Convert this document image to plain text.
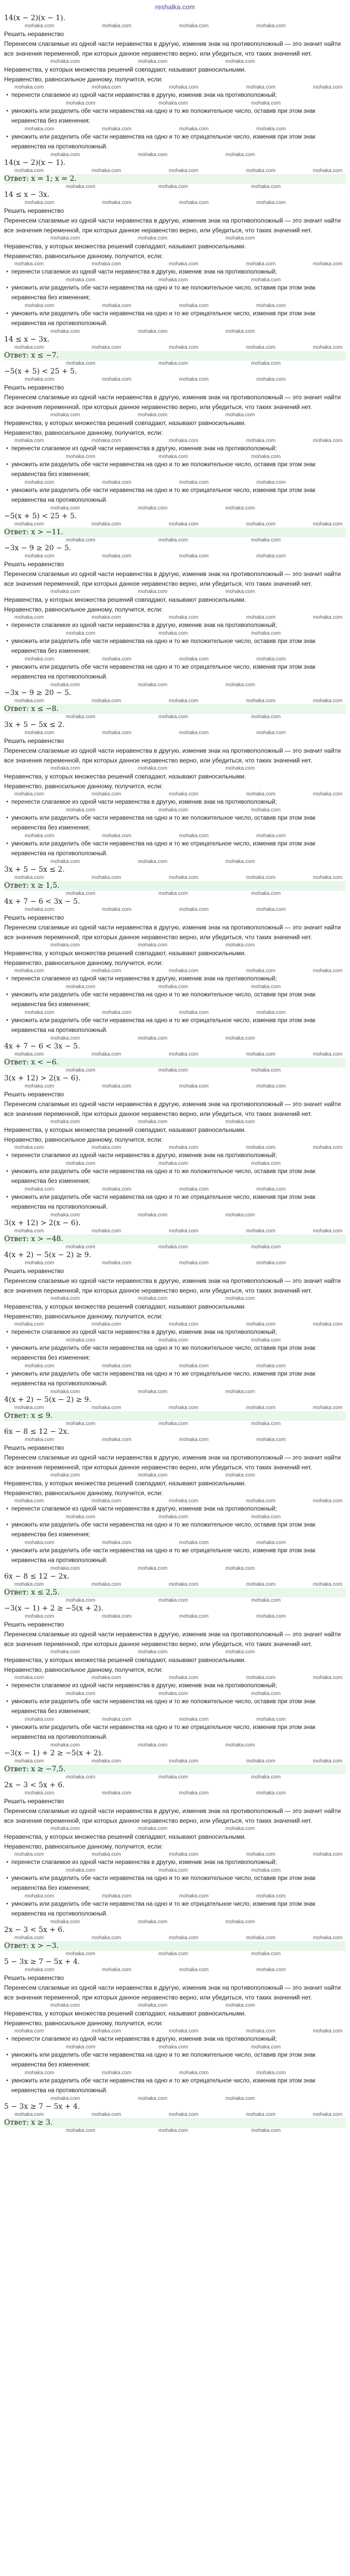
reshalka.com
14(x − 2)(x − 1).
mohaka.com	mohaka.com	mohaka.com	mohaka.com
Решить неравенство
Перенесем слагаемые из одной части неравенства в другую, изменив знак на противоположный — это значит найти все значения переменной, при которых данное неравенство верно, или убедиться, что таких значений нет.
mohaka.com	mohaka.com	mohaka.com
Неравенства, у которых множества решений совпадают, называют равносильными.
Неравенство, равносильное данному, получится, если:
mohaka.com	mohaka.com	mohaka.com	mohaka.com	mohaka.com
• перенести слагаемое из одной части неравенства в другую, изменив знак на противоположный;
mohaka.com	mohaka.com	mohaka.com
• умножить или разделить обе части неравенства на одно и то же положительное число, оставив при этом знак неравенства без изменения;
mohaka.com	mohaka.com	mohaka.com	mohaka.com
• умножить или разделить обе части неравенства на одно и то же отрицательное число, изменив при этом знак неравенства на противоположный.
mohaka.com	mohaka.com	mohaka.com
14(x − 2)(x − 1).
mohaka.com	mohaka.com	mohaka.com	mohaka.com	mohaka.com
Ответ: x = 1; x = 2.
mohaka.com	mohaka.com	mohaka.com
14 ≤ x − 3x.
mohaka.com	mohaka.com	mohaka.com	mohaka.com
Решить неравенство
Перенесем слагаемые из одной части неравенства в другую, изменив знак на противоположный — это значит найти все значения переменной, при которых данное неравенство верно, или убедиться, что таких значений нет.
mohaka.com	mohaka.com	mohaka.com
Неравенства, у которых множества решений совпадают, называют равносильными.
Неравенство, равносильное данному, получится, если:
mohaka.com	mohaka.com	mohaka.com	mohaka.com	mohaka.com
• перенести слагаемое из одной части неравенства в другую, изменив знак на противоположный;
mohaka.com	mohaka.com	mohaka.com
• умножить или разделить обе части неравенства на одно и то же положительное число, оставив при этом знак неравенства без изменения;
mohaka.com	mohaka.com	mohaka.com	mohaka.com
• умножить или разделить обе части неравенства на одно и то же отрицательное число, изменив при этом знак неравенства на противоположный.
mohaka.com	mohaka.com	mohaka.com
14 ≤ x − 3x.
mohaka.com	mohaka.com	mohaka.com	mohaka.com	mohaka.com
Ответ: x ≤ −7.
mohaka.com	mohaka.com	mohaka.com
−5(x + 5) < 25 + 5.
mohaka.com	mohaka.com	mohaka.com	mohaka.com
Решить неравенство
Перенесем слагаемые из одной части неравенства в другую, изменив знак на противоположный — это значит найти все значения переменной, при которых данное неравенство верно, или убедиться, что таких значений нет.
mohaka.com	mohaka.com	mohaka.com
Неравенства, у которых множества решений совпадают, называют равносильными.
Неравенство, равносильное данному, получится, если:
mohaka.com	mohaka.com	mohaka.com	mohaka.com	mohaka.com
• перенести слагаемое из одной части неравенства в другую, изменив знак на противоположный;
mohaka.com	mohaka.com	mohaka.com
• умножить или разделить обе части неравенства на одно и то же положительное число, оставив при этом знак неравенства без изменения;
mohaka.com	mohaka.com	mohaka.com	mohaka.com
• умножить или разделить обе части неравенства на одно и то же отрицательное число, изменив при этом знак неравенства на противоположный.
mohaka.com	mohaka.com	mohaka.com
−5(x + 5) < 25 + 5.
mohaka.com	mohaka.com	mohaka.com	mohaka.com	mohaka.com
Ответ: x > −11.
mohaka.com	mohaka.com	mohaka.com
−3x − 9 ≥ 20 − 5.
mohaka.com	mohaka.com	mohaka.com	mohaka.com
Решить неравенство
Перенесем слагаемые из одной части неравенства в другую, изменив знак на противоположный — это значит найти все значения переменной, при которых данное неравенство верно, или убедиться, что таких значений нет.
mohaka.com	mohaka.com	mohaka.com
Неравенства, у которых множества решений совпадают, называют равносильными.
Неравенство, равносильное данному, получится, если:
mohaka.com	mohaka.com	mohaka.com	mohaka.com	mohaka.com
• перенести слагаемое из одной части неравенства в другую, изменив знак на противоположный;
mohaka.com	mohaka.com	mohaka.com
• умножить или разделить обе части неравенства на одно и то же положительное число, оставив при этом знак неравенства без изменения;
mohaka.com	mohaka.com	mohaka.com	mohaka.com
• умножить или разделить обе части неравенства на одно и то же отрицательное число, изменив при этом знак неравенства на противоположный.
mohaka.com	mohaka.com	mohaka.com
−3x − 9 ≥ 20 − 5.
mohaka.com	mohaka.com	mohaka.com	mohaka.com	mohaka.com
Ответ: x ≤ −8.
mohaka.com	mohaka.com	mohaka.com
3x + 5 − 5x ≤ 2.
mohaka.com	mohaka.com	mohaka.com	mohaka.com
Решить неравенство
Перенесем слагаемые из одной части неравенства в другую, изменив знак на противоположный — это значит найти все значения переменной, при которых данное неравенство верно, или убедиться, что таких значений нет.
mohaka.com	mohaka.com	mohaka.com
Неравенства, у которых множества решений совпадают, называют равносильными.
Неравенство, равносильное данному, получится, если:
mohaka.com	mohaka.com	mohaka.com	mohaka.com	mohaka.com
• перенести слагаемое из одной части неравенства в другую, изменив знак на противоположный;
mohaka.com	mohaka.com	mohaka.com
• умножить или разделить обе части неравенства на одно и то же положительное число, оставив при этом знак неравенства без изменения;
mohaka.com	mohaka.com	mohaka.com	mohaka.com
• умножить или разделить обе части неравенства на одно и то же отрицательное число, изменив при этом знак неравенства на противоположный.
mohaka.com	mohaka.com	mohaka.com
3x + 5 − 5x ≤ 2.
mohaka.com	mohaka.com	mohaka.com	mohaka.com	mohaka.com
Ответ: x ≥ 1,5.
mohaka.com	mohaka.com	mohaka.com
4x + 7 − 6 < 3x − 5.
mohaka.com	mohaka.com	mohaka.com	mohaka.com
Решить неравенство
Перенесем слагаемые из одной части неравенства в другую, изменив знак на противоположный — это значит найти все значения переменной, при которых данное неравенство верно, или убедиться, что таких значений нет.
mohaka.com	mohaka.com	mohaka.com
Неравенства, у которых множества решений совпадают, называют равносильными.
Неравенство, равносильное данному, получится, если:
mohaka.com	mohaka.com	mohaka.com	mohaka.com	mohaka.com
• перенести слагаемое из одной части неравенства в другую, изменив знак на противоположный;
mohaka.com	mohaka.com	mohaka.com
• умножить или разделить обе части неравенства на одно и то же положительное число, оставив при этом знак неравенства без изменения;
mohaka.com	mohaka.com	mohaka.com	mohaka.com
• умножить или разделить обе части неравенства на одно и то же отрицательное число, изменив при этом знак неравенства на противоположный.
mohaka.com	mohaka.com	mohaka.com
4x + 7 − 6 < 3x − 5.
mohaka.com	mohaka.com	mohaka.com	mohaka.com	mohaka.com
Ответ: x < −6.
mohaka.com	mohaka.com	mohaka.com
3(x + 12) > 2(x − 6).
mohaka.com	mohaka.com	mohaka.com	mohaka.com
Решить неравенство
Перенесем слагаемые из одной части неравенства в другую, изменив знак на противоположный — это значит найти все значения переменной, при которых данное неравенство верно, или убедиться, что таких значений нет.
mohaka.com	mohaka.com	mohaka.com
Неравенства, у которых множества решений совпадают, называют равносильными.
Неравенство, равносильное данному, получится, если:
mohaka.com	mohaka.com	mohaka.com	mohaka.com	mohaka.com
• перенести слагаемое из одной части неравенства в другую, изменив знак на противоположный;
mohaka.com	mohaka.com	mohaka.com
• умножить или разделить обе части неравенства на одно и то же положительное число, оставив при этом знак неравенства без изменения;
mohaka.com	mohaka.com	mohaka.com	mohaka.com
• умножить или разделить обе части неравенства на одно и то же отрицательное число, изменив при этом знак неравенства на противоположный.
mohaka.com	mohaka.com	mohaka.com
3(x + 12) > 2(x − 6).
mohaka.com	mohaka.com	mohaka.com	mohaka.com	mohaka.com
Ответ: x > −48.
mohaka.com	mohaka.com	mohaka.com
4(x + 2) − 5(x − 2) ≥ 9.
mohaka.com	mohaka.com	mohaka.com	mohaka.com
Решить неравенство
Перенесем слагаемые из одной части неравенства в другую, изменив знак на противоположный — это значит найти все значения переменной, при которых данное неравенство верно, или убедиться, что таких значений нет.
mohaka.com	mohaka.com	mohaka.com
Неравенства, у которых множества решений совпадают, называют равносильными.
Неравенство, равносильное данному, получится, если:
mohaka.com	mohaka.com	mohaka.com	mohaka.com	mohaka.com
• перенести слагаемое из одной части неравенства в другую, изменив знак на противоположный;
mohaka.com	mohaka.com	mohaka.com
• умножить или разделить обе части неравенства на одно и то же положительное число, оставив при этом знак неравенства без изменения;
mohaka.com	mohaka.com	mohaka.com	mohaka.com
• умножить или разделить обе части неравенства на одно и то же отрицательное число, изменив при этом знак неравенства на противоположный.
mohaka.com	mohaka.com	mohaka.com
4(x + 2) − 5(x − 2) ≥ 9.
mohaka.com	mohaka.com	mohaka.com	mohaka.com	mohaka.com
Ответ: x ≤ 9.
mohaka.com	mohaka.com	mohaka.com
6x − 8 ≤ 12 − 2x.
mohaka.com	mohaka.com	mohaka.com	mohaka.com
Решить неравенство
Перенесем слагаемые из одной части неравенства в другую, изменив знак на противоположный — это значит найти все значения переменной, при которых данное неравенство верно, или убедиться, что таких значений нет.
mohaka.com	mohaka.com	mohaka.com
Неравенства, у которых множества решений совпадают, называют равносильными.
Неравенство, равносильное данному, получится, если:
mohaka.com	mohaka.com	mohaka.com	mohaka.com	mohaka.com
• перенести слагаемое из одной части неравенства в другую, изменив знак на противоположный;
mohaka.com	mohaka.com	mohaka.com
• умножить или разделить обе части неравенства на одно и то же положительное число, оставив при этом знак неравенства без изменения;
mohaka.com	mohaka.com	mohaka.com	mohaka.com
• умножить или разделить обе части неравенства на одно и то же отрицательное число, изменив при этом знак неравенства на противоположный.
mohaka.com	mohaka.com	mohaka.com
6x − 8 ≤ 12 − 2x.
mohaka.com	mohaka.com	mohaka.com	mohaka.com	mohaka.com
Ответ: x ≤ 2,5.
mohaka.com	mohaka.com	mohaka.com
−3(x − 1) + 2 ≥ −5(x + 2).
mohaka.com	mohaka.com	mohaka.com	mohaka.com
Решить неравенство
Перенесем слагаемые из одной части неравенства в другую, изменив знак на противоположный — это значит найти все значения переменной, при которых данное неравенство верно, или убедиться, что таких значений нет.
mohaka.com	mohaka.com	mohaka.com
Неравенства, у которых множества решений совпадают, называют равносильными.
Неравенство, равносильное данному, получится, если:
mohaka.com	mohaka.com	mohaka.com	mohaka.com	mohaka.com
• перенести слагаемое из одной части неравенства в другую, изменив знак на противоположный;
mohaka.com	mohaka.com	mohaka.com
• умножить или разделить обе части неравенства на одно и то же положительное число, оставив при этом знак неравенства без изменения;
mohaka.com	mohaka.com	mohaka.com	mohaka.com
• умножить или разделить обе части неравенства на одно и то же отрицательное число, изменив при этом знак неравенства на противоположный.
mohaka.com	mohaka.com	mohaka.com
−3(x − 1) + 2 ≥ −5(x + 2).
mohaka.com	mohaka.com	mohaka.com	mohaka.com	mohaka.com
Ответ: x ≥ −7,5.
mohaka.com	mohaka.com	mohaka.com
2x − 3 < 5x + 6.
mohaka.com	mohaka.com	mohaka.com	mohaka.com
Решить неравенство
Перенесем слагаемые из одной части неравенства в другую, изменив знак на противоположный — это значит найти все значения переменной, при которых данное неравенство верно, или убедиться, что таких значений нет.
mohaka.com	mohaka.com	mohaka.com
Неравенства, у которых множества решений совпадают, называют равносильными.
Неравенство, равносильное данному, получится, если:
mohaka.com	mohaka.com	mohaka.com	mohaka.com	mohaka.com
• перенести слагаемое из одной части неравенства в другую, изменив знак на противоположный;
mohaka.com	mohaka.com	mohaka.com
• умножить или разделить обе части неравенства на одно и то же положительное число, оставив при этом знак неравенства без изменения;
mohaka.com	mohaka.com	mohaka.com	mohaka.com
• умножить или разделить обе части неравенства на одно и то же отрицательное число, изменив при этом знак неравенства на противоположный.
mohaka.com	mohaka.com	mohaka.com
2x − 3 < 5x + 6.
mohaka.com	mohaka.com	mohaka.com	mohaka.com	mohaka.com
Ответ: x > −3.
mohaka.com	mohaka.com	mohaka.com
5 − 3x ≥ 7 − 5x + 4.
mohaka.com	mohaka.com	mohaka.com	mohaka.com
Решить неравенство
Перенесем слагаемые из одной части неравенства в другую, изменив знак на противоположный — это значит найти все значения переменной, при которых данное неравенство верно, или убедиться, что таких значений нет.
mohaka.com	mohaka.com	mohaka.com
Неравенства, у которых множества решений совпадают, называют равносильными.
Неравенство, равносильное данному, получится, если:
mohaka.com	mohaka.com	mohaka.com	mohaka.com	mohaka.com
• перенести слагаемое из одной части неравенства в другую, изменив знак на противоположный;
mohaka.com	mohaka.com	mohaka.com
• умножить или разделить обе части неравенства на одно и то же положительное число, оставив при этом знак неравенства без изменения;
mohaka.com	mohaka.com	mohaka.com	mohaka.com
• умножить или разделить обе части неравенства на одно и то же отрицательное число, изменив при этом знак неравенства на противоположный.
mohaka.com	mohaka.com	mohaka.com
5 − 3x ≥ 7 − 5x + 4.
mohaka.com	mohaka.com	mohaka.com	mohaka.com	mohaka.com
Ответ: x ≥ 3.
mohaka.com	mohaka.com	mohaka.com
